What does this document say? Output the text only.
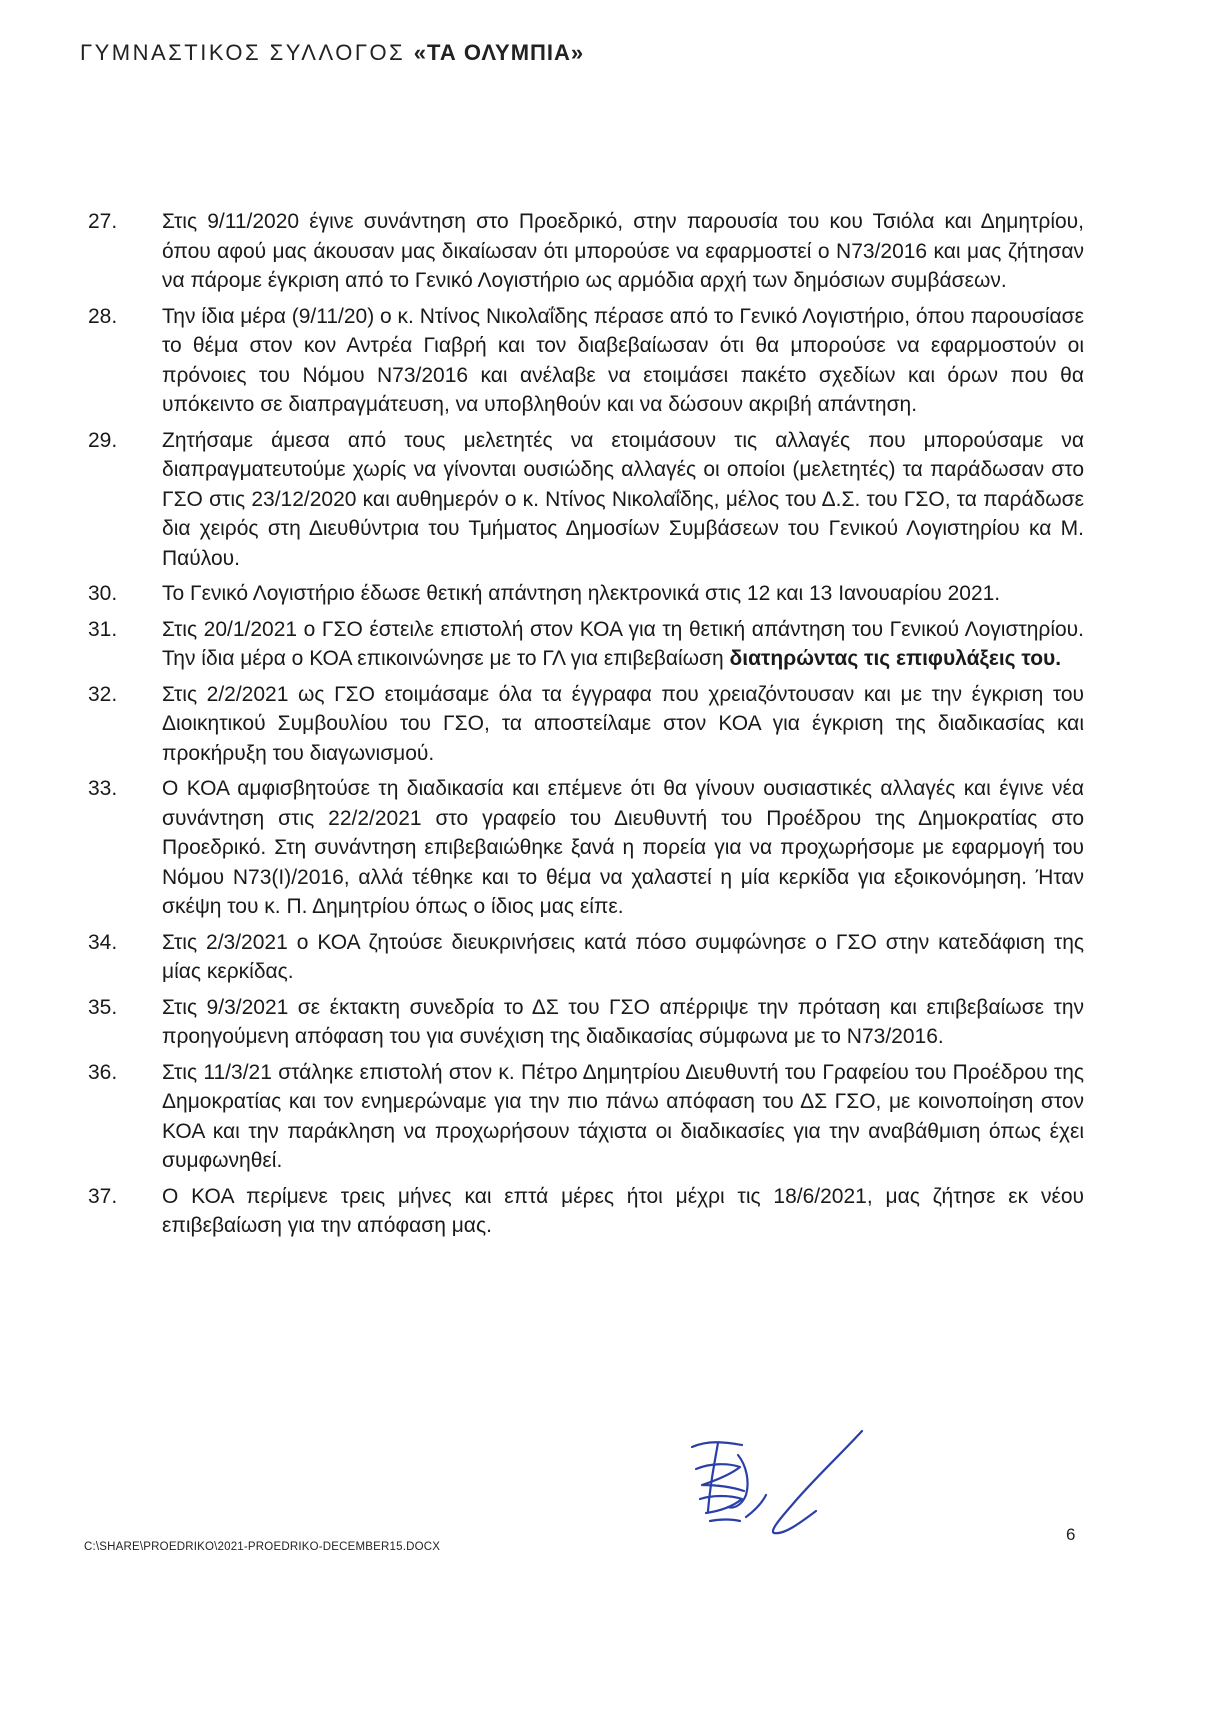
ΓΥΜΝΑΣΤΙΚΟΣ ΣΥΛΛΟΓΟΣ «ΤΑ ΟΛΥΜΠΙΑ»
27.	Στις 9/11/2020 έγινε συνάντηση στο Προεδρικό, στην παρουσία του κου Τσιόλα και Δημητρίου, όπου αφού μας άκουσαν μας δικαίωσαν ότι μπορούσε να εφαρμοστεί ο Ν73/2016 και μας ζήτησαν να πάρομε έγκριση από το Γενικό Λογιστήριο ως αρμόδια αρχή των δημόσιων συμβάσεων.
28.	Την ίδια μέρα (9/11/20) ο κ. Ντίνος Νικολαΐδης πέρασε από το Γενικό Λογιστήριο, όπου παρουσίασε το θέμα στον κον Αντρέα Γιαβρή και τον διαβεβαίωσαν ότι θα μπορούσε να εφαρμοστούν οι πρόνοιες του Νόμου Ν73/2016 και ανέλαβε να ετοιμάσει πακέτο σχεδίων και όρων που θα υπόκειντο σε διαπραγμάτευση, να υποβληθούν και να δώσουν ακριβή απάντηση.
29.	Ζητήσαμε άμεσα από τους μελετητές να ετοιμάσουν τις αλλαγές που μπορούσαμε να διαπραγματευτούμε χωρίς να γίνονται ουσιώδης αλλαγές οι οποίοι (μελετητές) τα παράδωσαν στο ΓΣΟ στις 23/12/2020 και αυθημερόν ο κ. Ντίνος Νικολαΐδης, μέλος του Δ.Σ. του ΓΣΟ, τα παράδωσε δια χειρός στη Διευθύντρια του Τμήματος Δημοσίων Συμβάσεων του Γενικού Λογιστηρίου κα Μ. Παύλου.
30.	Το Γενικό Λογιστήριο έδωσε θετική απάντηση ηλεκτρονικά στις 12 και 13 Ιανουαρίου 2021.
31.	Στις 20/1/2021 ο ΓΣΟ έστειλε επιστολή στον ΚΟΑ για τη θετική απάντηση του Γενικού Λογιστηρίου. Την ίδια μέρα ο ΚΟΑ επικοινώνησε με το ΓΛ για επιβεβαίωση διατηρώντας τις επιφυλάξεις του.
32.	Στις 2/2/2021 ως ΓΣΟ ετοιμάσαμε όλα τα έγγραφα που χρειαζόντουσαν και με την έγκριση του Διοικητικού Συμβουλίου του ΓΣΟ, τα αποστείλαμε στον ΚΟΑ για έγκριση της διαδικασίας και προκήρυξη του διαγωνισμού.
33.	Ο ΚΟΑ αμφισβητούσε τη διαδικασία και επέμενε ότι θα γίνουν ουσιαστικές αλλαγές και έγινε νέα συνάντηση στις 22/2/2021 στο γραφείο του Διευθυντή του Προέδρου της Δημοκρατίας στο Προεδρικό. Στη συνάντηση επιβεβαιώθηκε ξανά η πορεία για να προχωρήσομε με εφαρμογή του Νόμου Ν73(Ι)/2016, αλλά τέθηκε και το θέμα να χαλαστεί η μία κερκίδα για εξοικονόμηση. Ήταν σκέψη του κ. Π. Δημητρίου όπως ο ίδιος μας είπε.
34.	Στις 2/3/2021 ο ΚΟΑ ζητούσε διευκρινήσεις κατά πόσο συμφώνησε ο ΓΣΟ στην κατεδάφιση της μίας κερκίδας.
35.	Στις 9/3/2021 σε έκτακτη συνεδρία το ΔΣ του ΓΣΟ απέρριψε την πρόταση και επιβεβαίωσε την προηγούμενη απόφαση του για συνέχιση της διαδικασίας σύμφωνα με το Ν73/2016.
36.	Στις 11/3/21 στάληκε επιστολή στον κ. Πέτρο Δημητρίου Διευθυντή του Γραφείου του Προέδρου της Δημοκρατίας και τον ενημερώναμε για την πιο πάνω απόφαση του ΔΣ ΓΣΟ, με κοινοποίηση στον ΚΟΑ και την παράκληση να προχωρήσουν τάχιστα οι διαδικασίες για την αναβάθμιση όπως έχει συμφωνηθεί.
37.	Ο ΚΟΑ περίμενε τρεις μήνες και επτά μέρες ήτοι μέχρι τις 18/6/2021, μας ζήτησε εκ νέου επιβεβαίωση για την απόφαση μας.
C:\SHARE\PROEDRIKO\2021-PROEDRIKO-DECEMBER15.DOCX
6
